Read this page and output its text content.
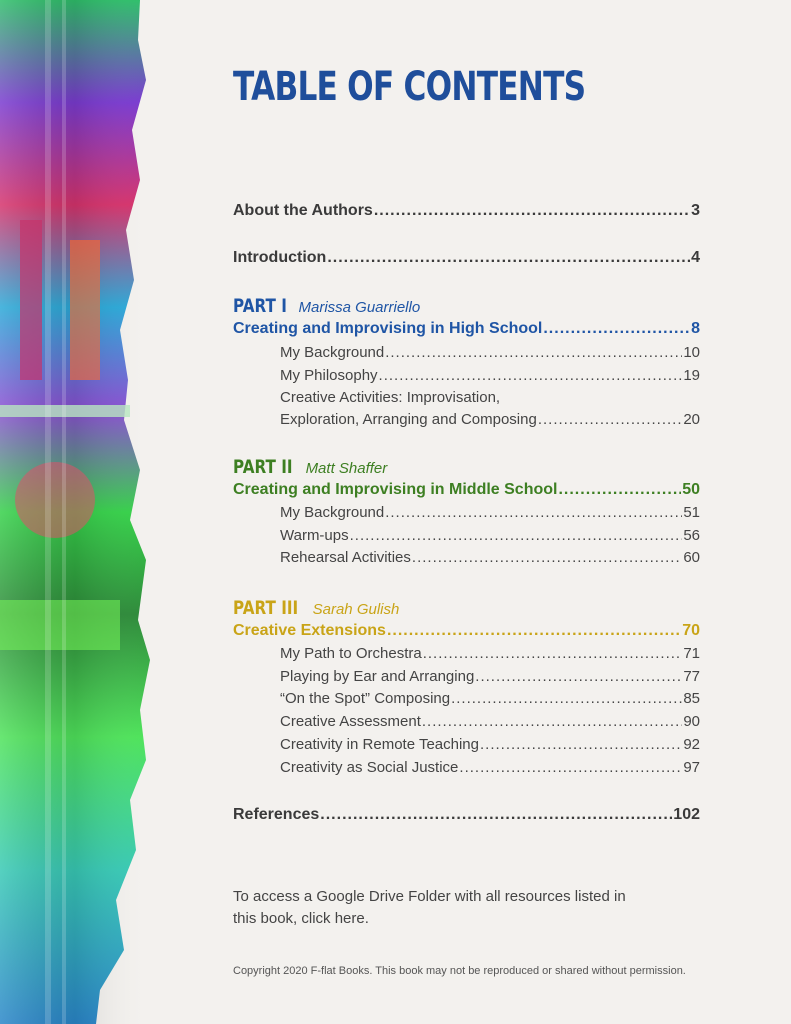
TABLE OF CONTENTS
About the Authors .....	3
Introduction .....	4
PART I Marissa Guarriello
Creating and Improvising in High School .....	8
My Background .....	10
My Philosophy .....	19
Creative Activities: Improvisation,
Exploration, Arranging and Composing .....	20
PART II Matt Shaffer
Creating and Improvising in Middle School .....	50
My Background .....	51
Warm-ups .....	56
Rehearsal Activities .....	60
PART III Sarah Gulish
Creative Extensions .....	70
My Path to Orchestra .....	71
Playing by Ear and Arranging .....	77
“On the Spot” Composing .....	85
Creative Assessment .....	90
Creativity in Remote Teaching .....	92
Creativity as Social Justice .....	97
References .....	102

To access a Google Drive Folder with all resources listed in this book, click here.

Copyright 2020 F-flat Books. This book may not be reproduced or shared without permission.
